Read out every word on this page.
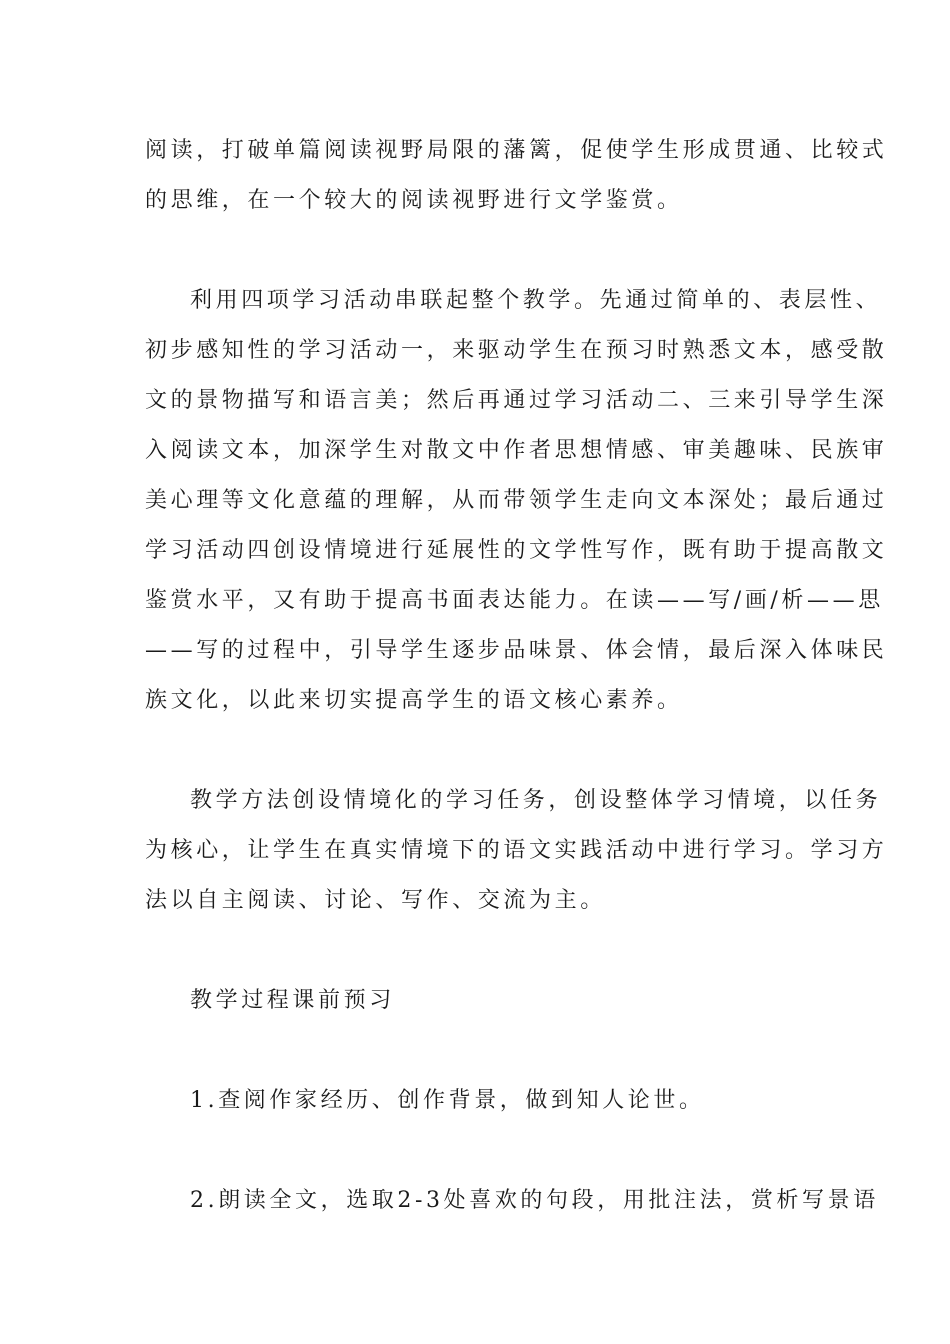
阅读，打破单篇阅读视野局限的藩篱，促使学生形成贯通、比较式
的思维，在一个较大的阅读视野进行文学鉴赏。
利用四项学习活动串联起整个教学。先通过简单的、表层性、
初步感知性的学习活动一，来驱动学生在预习时熟悉文本，感受散
文的景物描写和语言美；然后再通过学习活动二、三来引导学生深
入阅读文本，加深学生对散文中作者思想情感、审美趣味、民族审
美心理等文化意蕴的理解，从而带领学生走向文本深处；最后通过
学习活动四创设情境进行延展性的文学性写作，既有助于提高散文
鉴赏水平，又有助于提高书面表达能力。在读——写/画/析——思
——写的过程中，引导学生逐步品味景、体会情，最后深入体味民
族文化，以此来切实提高学生的语文核心素养。
教学方法创设情境化的学习任务，创设整体学习情境，以任务
为核心，让学生在真实情境下的语文实践活动中进行学习。学习方
法以自主阅读、讨论、写作、交流为主。
教学过程课前预习
1.查阅作家经历、创作背景，做到知人论世。
2.朗读全文，选取2-3处喜欢的句段，用批注法，赏析写景语
